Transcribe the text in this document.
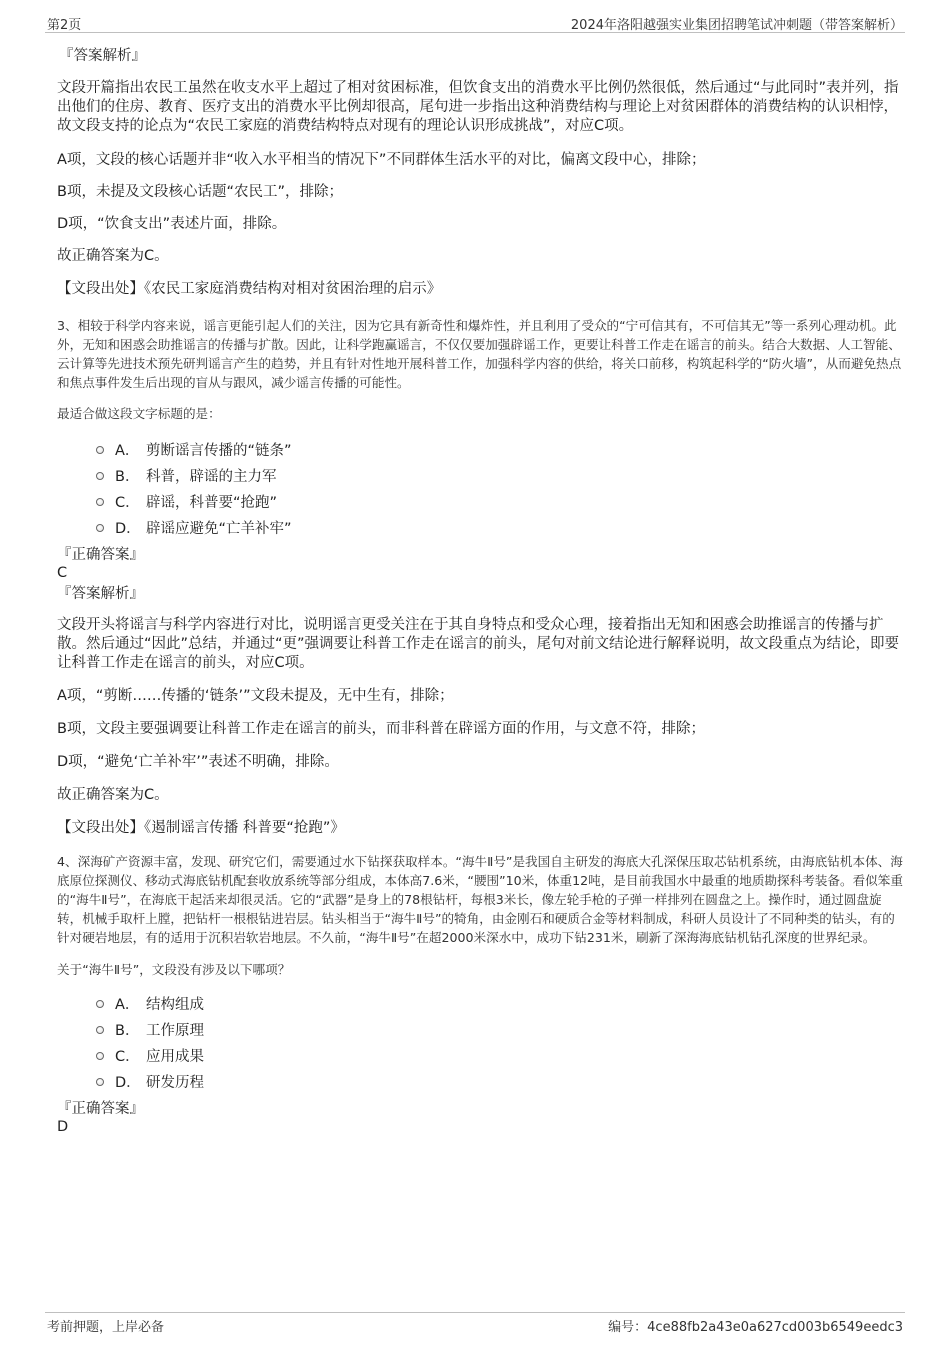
第2页	2024年洛阳越强实业集团招聘笔试冲刺题（带答案解析）
『答案解析』
文段开篇指出农民工虽然在收支水平上超过了相对贫困标准，但饮食支出的消费水平比例仍然很低，然后通过“与此同时”表并列，指出他们的住房、教育、医疗支出的消费水平比例却很高，尾句进一步指出这种消费结构与理论上对贫困群体的消费结构的认识相悖，故文段支持的论点为“农民工家庭的消费结构特点对现有的理论认识形成挑战”，对应C项。
A项，文段的核心话题并非“收入水平相当的情况下”不同群体生活水平的对比，偏离文段中心，排除；
B项，未提及文段核心话题“农民工”，排除；
D项，“饮食支出”表述片面，排除。
故正确答案为C。
【文段出处】《农民工家庭消费结构对相对贫困治理的启示》
3、相较于科学内容来说，谣言更能引起人们的关注，因为它具有新奇性和爆炸性，并且利用了受众的“宁可信其有，不可信其无”等一系列心理动机。此外，无知和困惑会助推谣言的传播与扩散。因此，让科学跑赢谣言，不仅仅要加强辟谣工作，更要让科普工作走在谣言的前头。结合大数据、人工智能、云计算等先进技术预先研判谣言产生的趋势，并且有针对性地开展科普工作，加强科学内容的供给，将关口前移，构筑起科学的“防火墙”，从而避免热点和焦点事件发生后出现的盲从与跟风，减少谣言传播的可能性。
最适合做这段文字标题的是：
A． 剪断谣言传播的“链条”
B． 科普，辟谣的主力军
C． 辟谣，科普要“抢跑”
D． 辟谣应避免“亡羊补牢”
『正确答案』
C
『答案解析』
文段开头将谣言与科学内容进行对比，说明谣言更受关注在于其自身特点和受众心理，接着指出无知和困惑会助推谣言的传播与扩散。然后通过“因此”总结，并通过“更”强调要让科普工作走在谣言的前头，尾句对前文结论进行解释说明，故文段重点为结论，即要让科普工作走在谣言的前头，对应C项。
A项，“剪断……传播的‘链条’”文段未提及，无中生有，排除；
B项，文段主要强调要让科普工作走在谣言的前头，而非科普在辟谣方面的作用，与文意不符，排除；
D项，“避免‘亡羊补牢’”表述不明确，排除。
故正确答案为C。
【文段出处】《遏制谣言传播 科普要“抢跑”》
4、深海矿产资源丰富，发现、研究它们，需要通过水下钻探获取样本。“海牛Ⅱ号”是我国自主研发的海底大孔深保压取芯钻机系统，由海底钻机本体、海底原位探测仪、移动式海底钻机配套收放系统等部分组成，本体高7.6米，“腰围”10米，体重12吨，是目前我国水中最重的地质勘探科考装备。看似笨重的“海牛Ⅱ号”，在海底干起活来却很灵活。它的“武器”是身上的78根钻杆，每根3米长，像左轮手枪的子弹一样排列在圆盘之上。操作时，通过圆盘旋转，机械手取杆上膛，把钻杆一根根钻进岩层。钻头相当于“海牛Ⅱ号”的犄角，由金刚石和硬质合金等材料制成，科研人员设计了不同种类的钻头，有的针对硬岩地层，有的适用于沉积岩软岩地层。不久前，“海牛Ⅱ号”在超2000米深水中，成功下钻231米，刷新了深海海底钻机钻孔深度的世界纪录。
关于“海牛Ⅱ号”，文段没有涉及以下哪项？
A． 结构组成
B． 工作原理
C． 应用成果
D． 研发历程
『正确答案』
D
考前押题，上岸必备	编号：4ce88fb2a43e0a627cd003b6549eedc3
